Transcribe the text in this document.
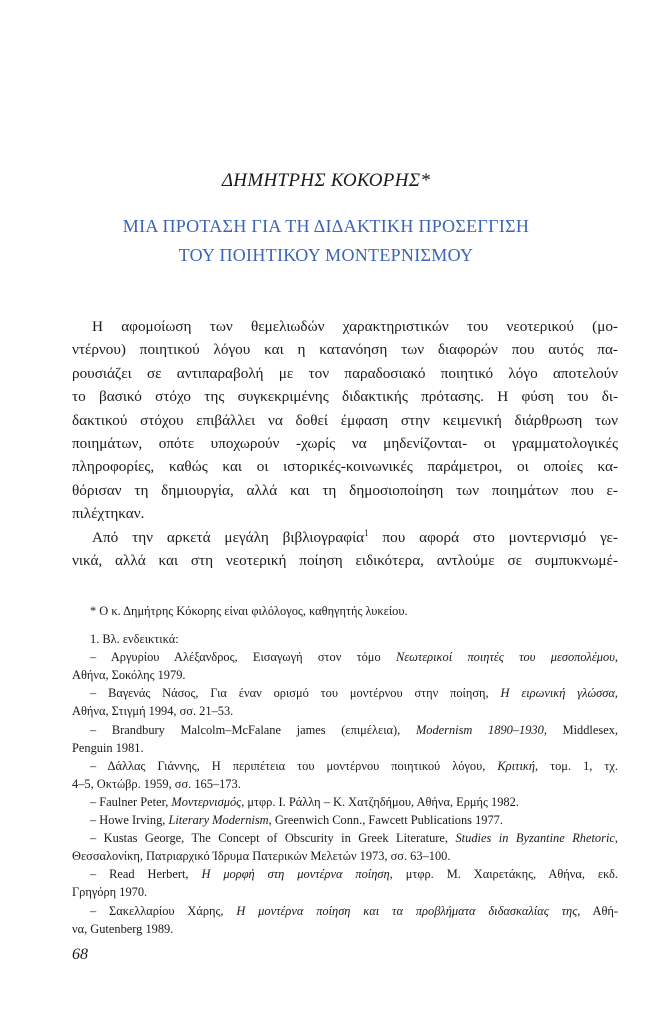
ΔΗΜΗΤΡΗΣ ΚΟΚΟΡΗΣ*
ΜΙΑ ΠΡΟΤΑΣΗ ΓΙΑ ΤΗ ΔΙΔΑΚΤΙΚΗ ΠΡΟΣΕΓΓΙΣΗ
ΤΟΥ ΠΟΙΗΤΙΚΟΥ ΜΟΝΤΕΡΝΙΣΜΟΥ
Η αφομοίωση των θεμελιωδών χαρακτηριστικών του νεοτερικού (μο-
ντέρνου) ποιητικού λόγου και η κατανόηση των διαφορών που αυτός πα-
ρουσιάζει σε αντιπαραβολή με τον παραδοσιακό ποιητικό λόγο αποτελούν
το βασικό στόχο της συγκεκριμένης διδακτικής πρότασης. Η φύση του δι-
δακτικού στόχου επιβάλλει να δοθεί έμφαση στην κειμενική διάρθρωση των
ποιημάτων, οπότε υποχωρούν -χωρίς να μηδενίζονται- οι γραμματολογικές
πληροφορίες, καθώς και οι ιστορικές-κοινωνικές παράμετροι, οι οποίες κα-
θόρισαν τη δημιουργία, αλλά και τη δημοσιοποίηση των ποιημάτων που ε-
πιλέχτηκαν.
Από την αρκετά μεγάλη βιβλιογραφία$^1$ που αφορά στο μοντερνισμό γε-
νικά, αλλά και στη νεοτερική ποίηση ειδικότερα, αντλούμε σε συμπυκνωμέ-
* Ο κ. Δημήτρης Κόκορης είναι φιλόλογος, καθηγητής λυκείου.
1. Βλ. ενδεικτικά:
– Αργυρίου Αλέξανδρος, Εισαγωγή στον τόμο Νεωτερικοί ποιητές του μεσοπολέμου,
Αθήνα, Σοκόλης 1979.
– Βαγενάς Νάσος, Για έναν ορισμό του μοντέρνου στην ποίηση, Η ειρωνική γλώσσα,
Αθήνα, Στιγμή 1994, σσ. 21–53.
– Brandbury Malcolm–McFalane james (επιμέλεια), Modernism 1890–1930, Middlesex,
Penguin 1981.
– Δάλλας Γιάννης, Η περιπέτεια του μοντέρνου ποιητικού λόγου, Κριτική, τομ. 1, τχ.
4–5, Οκτώβρ. 1959, σσ. 165–173.
– Faulner Peter, Μοντερνισμός, μτφρ. Ι. Ράλλη – Κ. Χατζηδήμου, Αθήνα, Ερμής 1982.
– Howe Irving, Literary Modernism, Greenwich Conn., Fawcett Publications 1977.
– Kustas George, The Concept of Obscurity in Greek Literature, Studies in Byzantine Rhetoric,
Θεσσαλονίκη, Πατριαρχικό Ίδρυμα Πατερικών Μελετών 1973, σσ. 63–100.
– Read Herbert, Η μορφή στη μοντέρνα ποίηση, μτφρ. Μ. Χαιρετάκης, Αθήνα, εκδ.
Γρηγόρη 1970.
– Σακελλαρίου Χάρης, Η μοντέρνα ποίηση και τα προβλήματα διδασκαλίας της, Αθή-
να, Gutenberg 1989.
68
